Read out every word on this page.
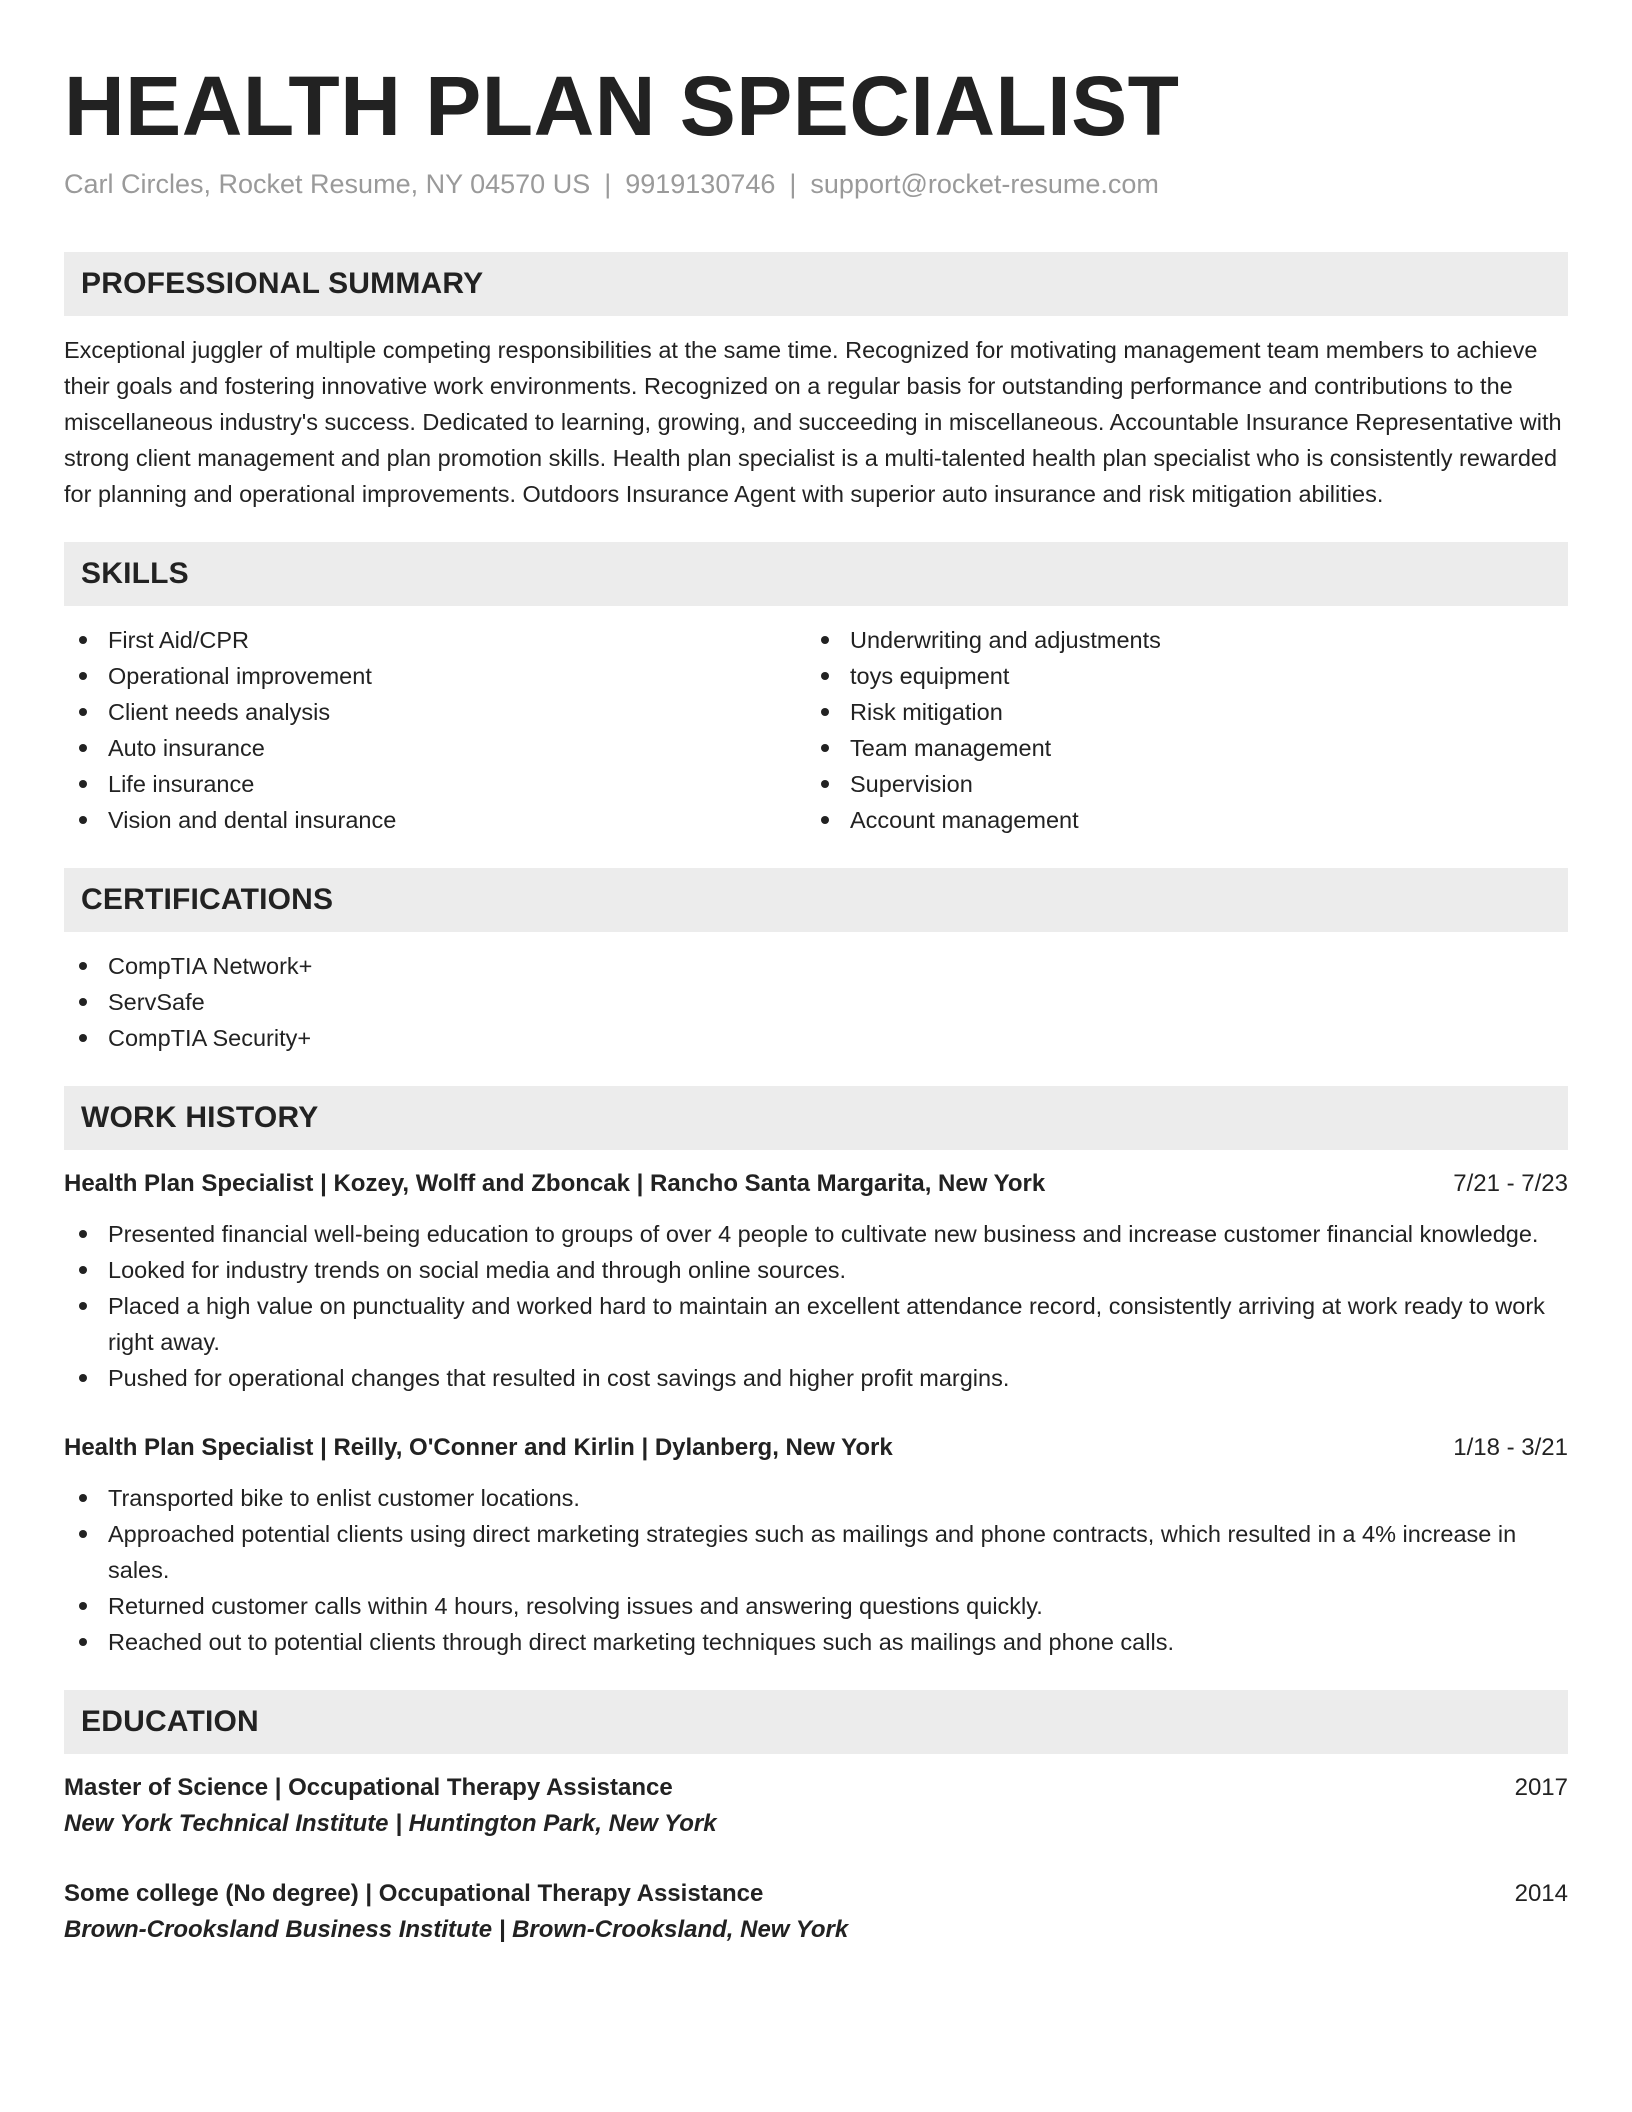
HEALTH PLAN SPECIALIST
Carl Circles, Rocket Resume, NY 04570 US | 9919130746 | support@rocket-resume.com
PROFESSIONAL SUMMARY

Exceptional juggler of multiple competing responsibilities at the same time. Recognized for motivating management team members to achieve their goals and fostering innovative work environments. Recognized on a regular basis for outstanding performance and contributions to the miscellaneous industry's success. Dedicated to learning, growing, and succeeding in miscellaneous. Accountable Insurance Representative with strong client management and plan promotion skills. Health plan specialist is a multi-talented health plan specialist who is consistently rewarded for planning and operational improvements. Outdoors Insurance Agent with superior auto insurance and risk mitigation abilities.

SKILLS
First Aid/CPR
Operational improvement
Client needs analysis
Auto insurance
Life insurance
Vision and dental insurance
Underwriting and adjustments
toys equipment
Risk mitigation
Team management
Supervision
Account management
CERTIFICATIONS
CompTIA Network+
ServSafe
CompTIA Security+
WORK HISTORY
Health Plan Specialist | Kozey, Wolff and Zboncak | Rancho Santa Margarita, New York	7/21 - 7/23
Presented financial well-being education to groups of over 4 people to cultivate new business and increase customer financial knowledge.
Looked for industry trends on social media and through online sources.
Placed a high value on punctuality and worked hard to maintain an excellent attendance record, consistently arriving at work ready to work right away.
Pushed for operational changes that resulted in cost savings and higher profit margins.
Health Plan Specialist | Reilly, O'Conner and Kirlin | Dylanberg, New York	1/18 - 3/21
Transported bike to enlist customer locations.
Approached potential clients using direct marketing strategies such as mailings and phone contracts, which resulted in a 4% increase in sales.
Returned customer calls within 4 hours, resolving issues and answering questions quickly.
Reached out to potential clients through direct marketing techniques such as mailings and phone calls.
EDUCATION
Master of Science | Occupational Therapy Assistance	2017
New York Technical Institute | Huntington Park, New York
Some college (No degree) | Occupational Therapy Assistance	2014
Brown-Crooksland Business Institute | Brown-Crooksland, New York
